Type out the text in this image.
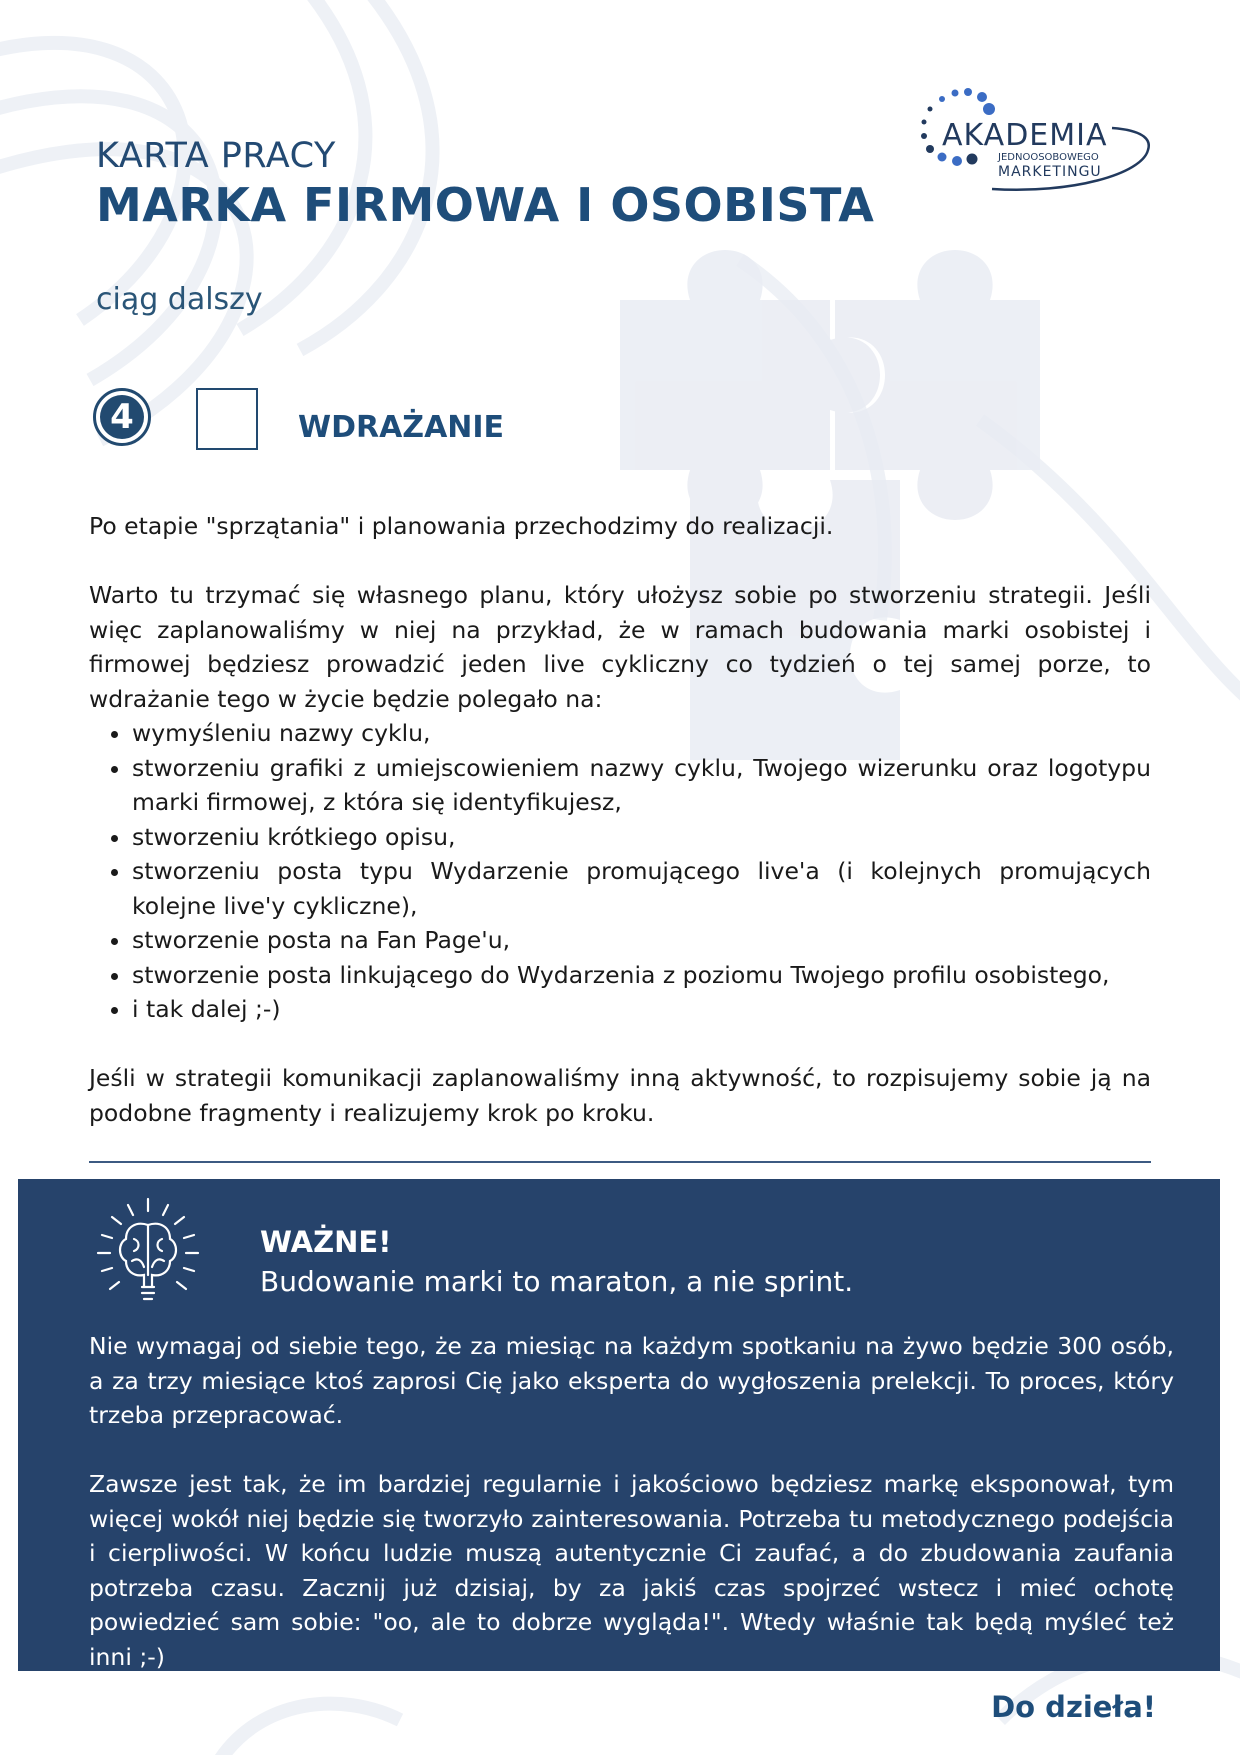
KARTA PRACY
MARKA FIRMOWA I OSOBISTA
ciąg dalszy
AKADEMIA
JEDNOOSOBOWEGO
MARKETINGU
4	WDRAŻANIE

Po etapie "sprzątania" i planowania przechodzimy do realizacji.

Warto tu trzymać się własnego planu, który ułożysz sobie po stworzeniu strategii. Jeśli więc zaplanowaliśmy w niej na przykład, że w ramach budowania marki osobistej i firmowej będziesz prowadzić jeden live cykliczny co tydzień o tej samej porze, to wdrażanie tego w życie będzie polegało na:

• wymyśleniu nazwy cyklu,
• stworzeniu grafiki z umiejscowieniem nazwy cyklu, Twojego wizerunku oraz logotypu marki firmowej, z która się identyfikujesz,
• stworzeniu krótkiego opisu,
• stworzeniu posta typu Wydarzenie promującego live'a (i kolejnych promujących kolejne live'y cykliczne),
• stworzenie posta na Fan Page'u,
• stworzenie posta linkującego do Wydarzenia z poziomu Twojego profilu osobistego,
• i tak dalej ;-)

Jeśli w strategii komunikacji zaplanowaliśmy inną aktywność, to rozpisujemy sobie ją na podobne fragmenty i realizujemy krok po kroku.

WAŻNE!
Budowanie marki to maraton, a nie sprint.

Nie wymagaj od siebie tego, że za miesiąc na każdym spotkaniu na żywo będzie 300 osób, a za trzy miesiące ktoś zaprosi Cię jako eksperta do wygłoszenia prelekcji. To proces, który trzeba przepracować.

Zawsze jest tak, że im bardziej regularnie i jakościowo będziesz markę eksponował, tym więcej wokół niej będzie się tworzyło zainteresowania. Potrzeba tu metodycznego podejścia i cierpliwości. W końcu ludzie muszą autentycznie Ci zaufać, a do zbudowania zaufania potrzeba czasu. Zacznij już dzisiaj, by za jakiś czas spojrzeć wstecz i mieć ochotę powiedzieć sam sobie: "oo, ale to dobrze wygląda!". Wtedy właśnie tak będą myśleć też inni ;-)

Do dzieła!
